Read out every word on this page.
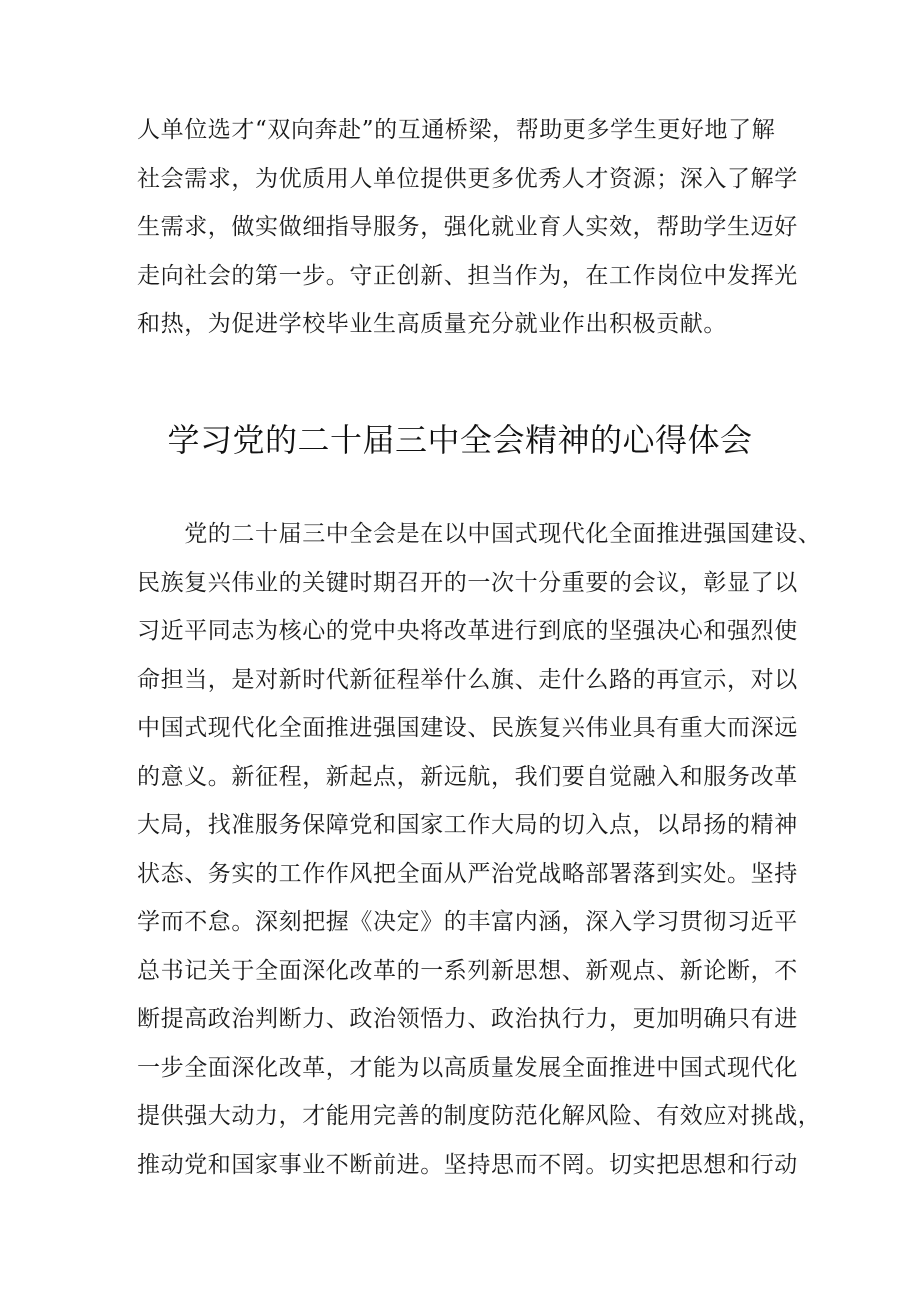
人单位选才“双向奔赴”的互通桥梁，帮助更多学生更好地了解
社会需求，为优质用人单位提供更多优秀人才资源；深入了解学
生需求，做实做细指导服务，强化就业育人实效，帮助学生迈好
走向社会的第一步。守正创新、担当作为，在工作岗位中发挥光
和热，为促进学校毕业生高质量充分就业作出积极贡献。
学习党的二十届三中全会精神的心得体会
　　党的二十届三中全会是在以中国式现代化全面推进强国建设、
民族复兴伟业的关键时期召开的一次十分重要的会议，彰显了以
习近平同志为核心的党中央将改革进行到底的坚强决心和强烈使
命担当，是对新时代新征程举什么旗、走什么路的再宣示，对以
中国式现代化全面推进强国建设、民族复兴伟业具有重大而深远
的意义。新征程，新起点，新远航，我们要自觉融入和服务改革
大局，找准服务保障党和国家工作大局的切入点，以昂扬的精神
状态、务实的工作作风把全面从严治党战略部署落到实处。坚持
学而不怠。深刻把握《决定》的丰富内涵，深入学习贯彻习近平
总书记关于全面深化改革的一系列新思想、新观点、新论断，不
断提高政治判断力、政治领悟力、政治执行力，更加明确只有进
一步全面深化改革，才能为以高质量发展全面推进中国式现代化
提供强大动力，才能用完善的制度防范化解风险、有效应对挑战，
推动党和国家事业不断前进。坚持思而不罔。切实把思想和行动
